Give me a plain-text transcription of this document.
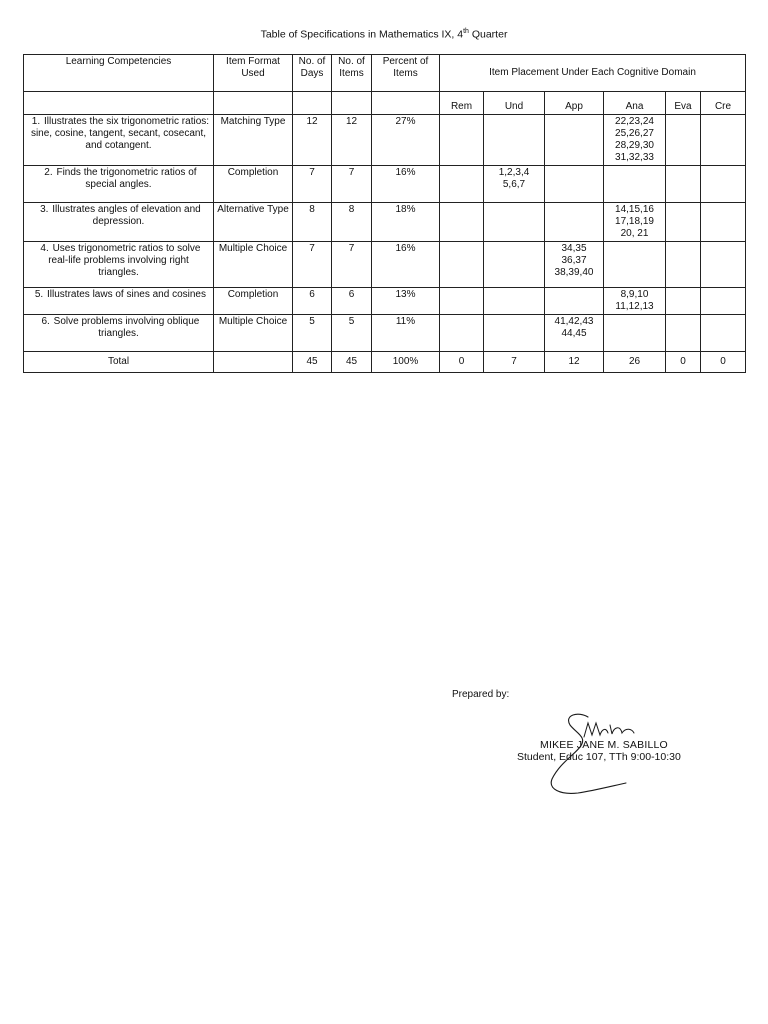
Table of Specifications in Mathematics IX, 4th Quarter
Learning Competencies	Item Format Used	No. of Days	No. of Items	Percent of Items	Item Placement Under Each Cognitive Domain					
					Rem	Und	App	Ana	Eva	Cre
1. Illustrates the six trigonometric ratios: sine, cosine, tangent, secant, cosecant, and cotangent.	Matching Type	12	12	27%				22,23,24
25,26,27
28,29,30
31,32,33		

2. Finds the trigonometric ratios of special angles.	Completion	7	7	16%		1,2,3,4
5,6,7				

3. Illustrates angles of elevation and depression.	Alternative Type	8	8	18%				14,15,16
17,18,19
20, 21		

4. Uses trigonometric ratios to solve real-life problems involving right triangles.	Multiple Choice	7	7	16%			34,35
36,37
38,39,40			

5. Illustrates laws of sines and cosines	Completion	6	6	13%				8,9,10
11,12,13		

6. Solve problems involving oblique triangles.	Multiple Choice	5	5	11%			41,42,43
44,45			

Total		45	45	100%	0	7	12	26	0	0
Prepared by:
MIKEE JANE M. SABILLO
Student, Educ 107, TTh 9:00-10:30
